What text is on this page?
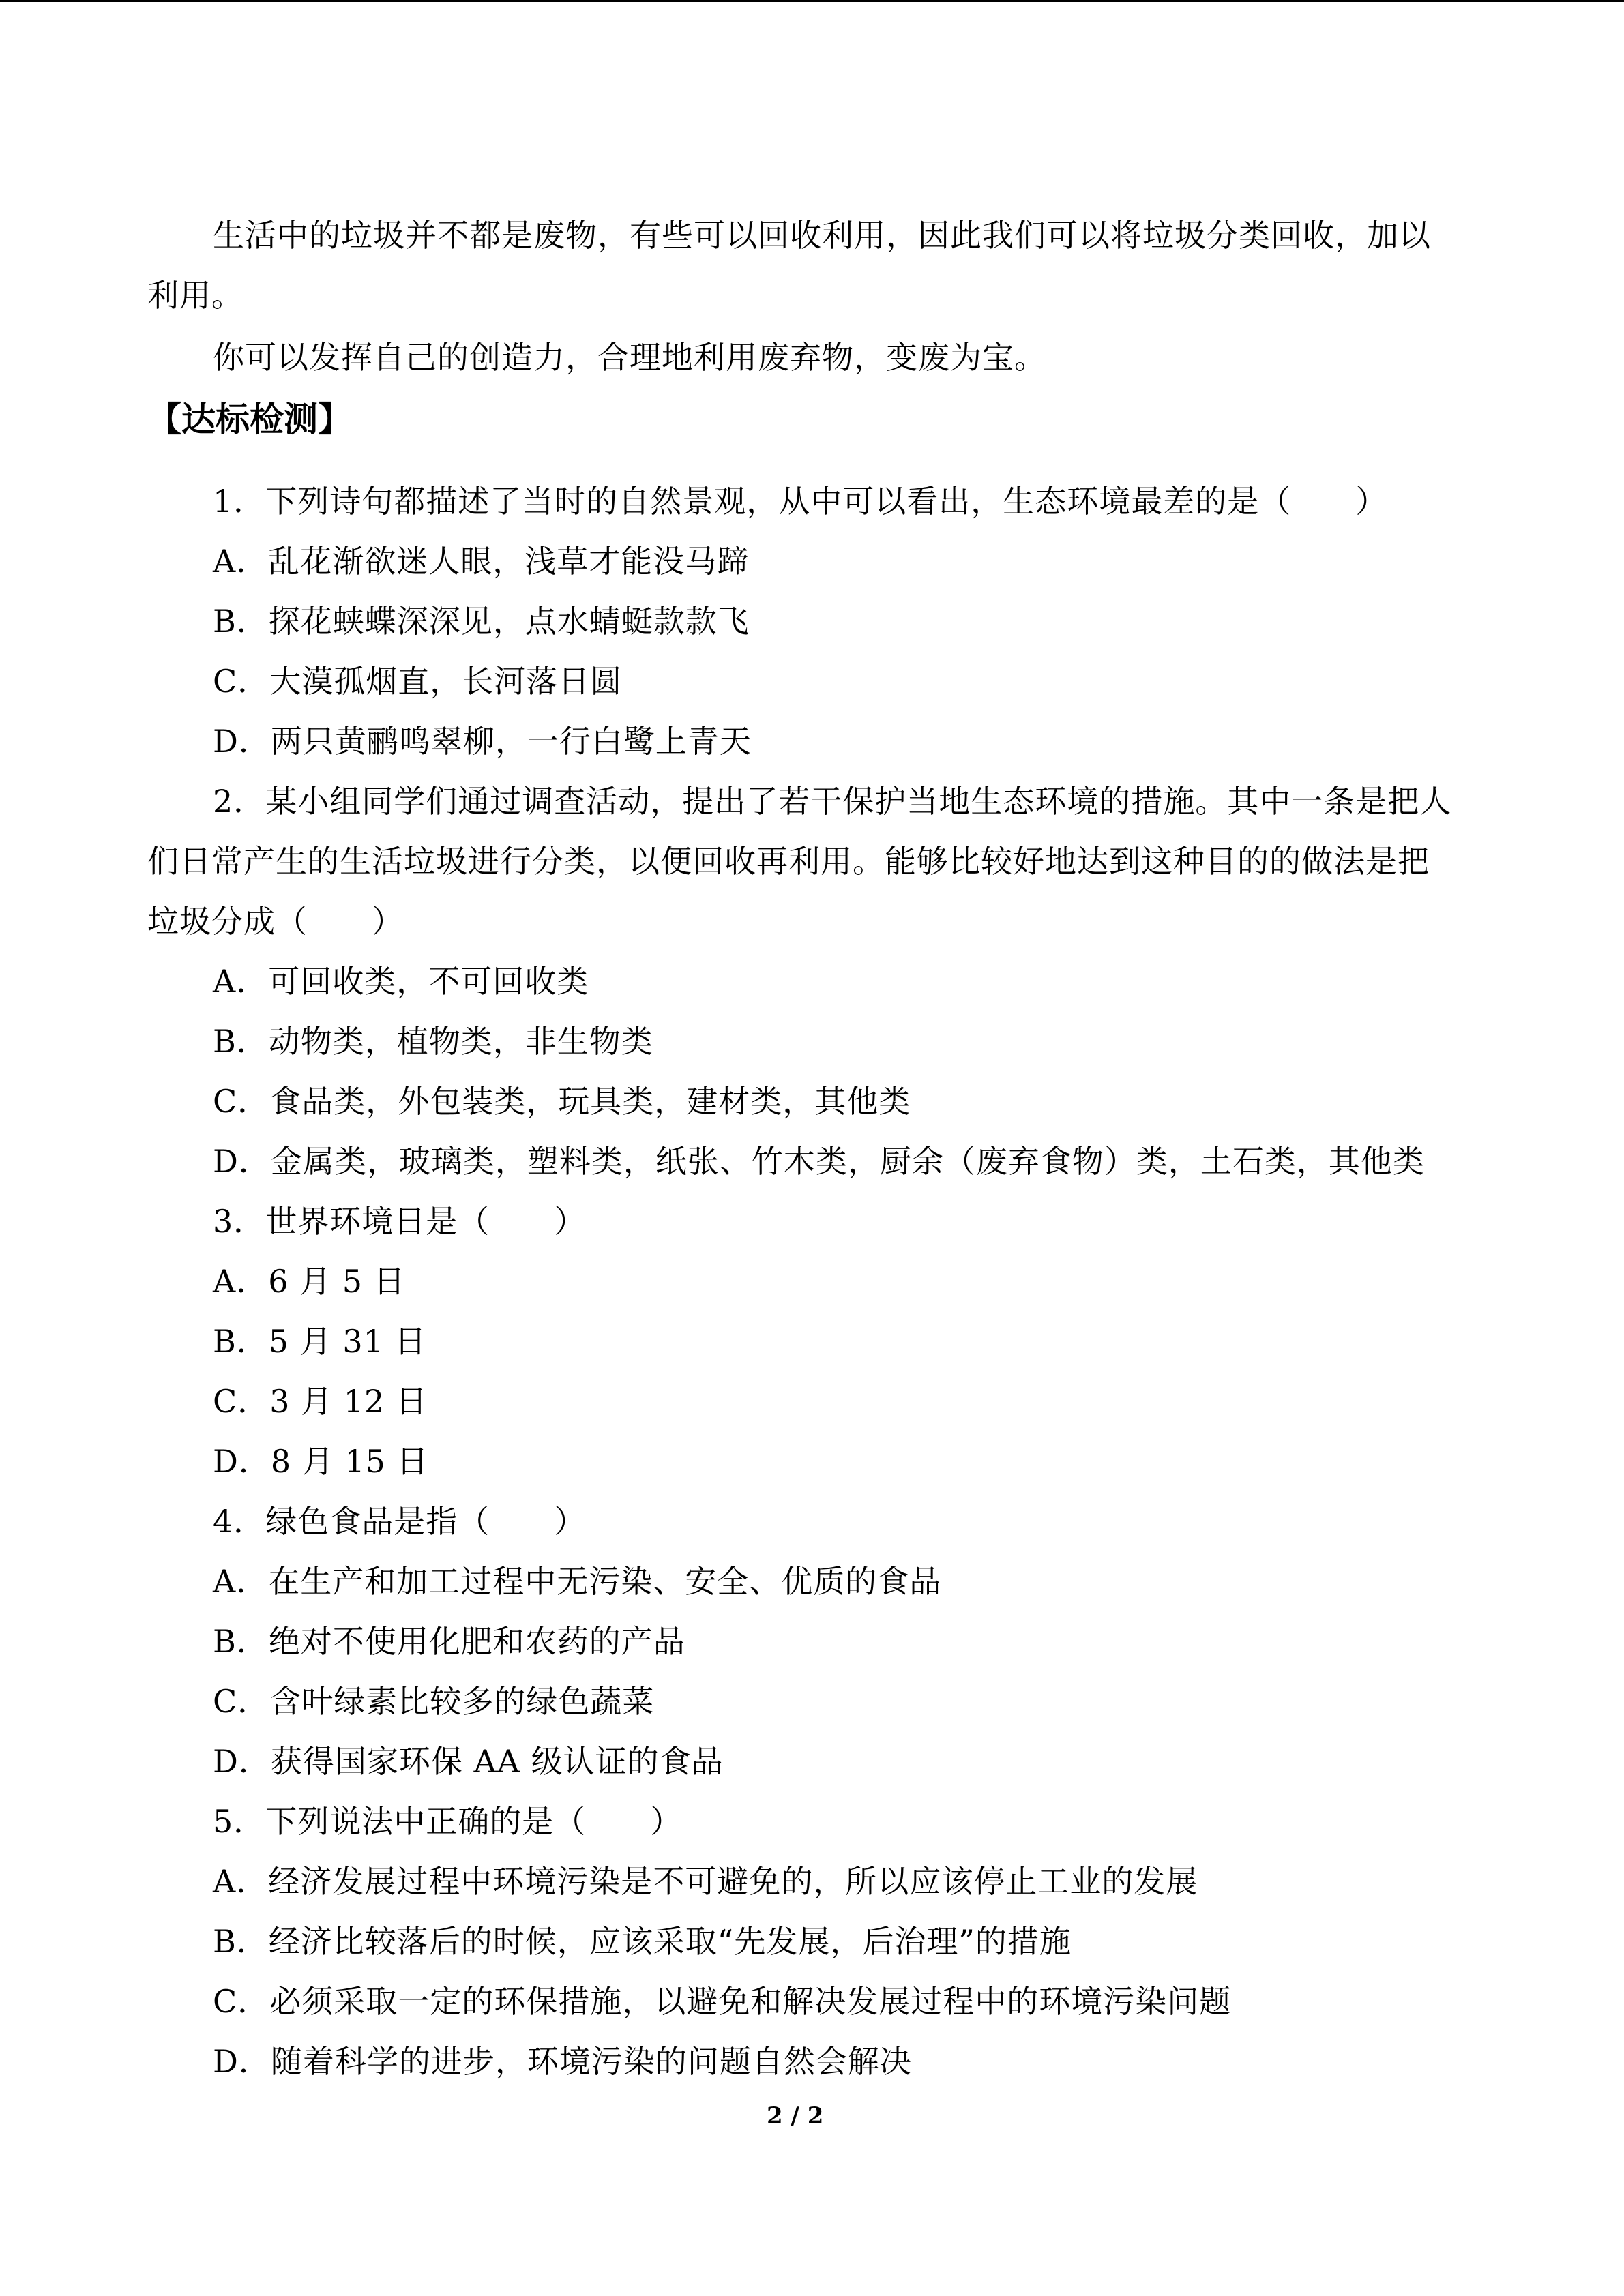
生活中的垃圾并不都是废物，有些可以回收利用，因此我们可以将垃圾分类回收，加以
利用。
你可以发挥自己的创造力，合理地利用废弃物，变废为宝。
【达标检测】
1．下列诗句都描述了当时的自然景观，从中可以看出，生态环境最差的是（　　）
A．乱花渐欲迷人眼，浅草才能没马蹄
B．探花蛱蝶深深见，点水蜻蜓款款飞
C．大漠孤烟直，长河落日圆
D．两只黄鹂鸣翠柳，一行白鹭上青天
2．某小组同学们通过调查活动，提出了若干保护当地生态环境的措施。其中一条是把人
们日常产生的生活垃圾进行分类，以便回收再利用。能够比较好地达到这种目的的做法是把
垃圾分成（　　）
A．可回收类，不可回收类
B．动物类，植物类，非生物类
C．食品类，外包装类，玩具类，建材类，其他类
D．金属类，玻璃类，塑料类，纸张、竹木类，厨余（废弃食物）类，土石类，其他类
3．世界环境日是（　　）
A．6 月 5 日
B．5 月 31 日
C．3 月 12 日
D．8 月 15 日
4．绿色食品是指（　　）
A．在生产和加工过程中无污染、安全、优质的食品
B．绝对不使用化肥和农药的产品
C．含叶绿素比较多的绿色蔬菜
D．获得国家环保 AA 级认证的食品
5．下列说法中正确的是（　　）
A．经济发展过程中环境污染是不可避免的，所以应该停止工业的发展
B．经济比较落后的时候，应该采取“先发展，后治理”的措施
C．必须采取一定的环保措施，以避免和解决发展过程中的环境污染问题
D．随着科学的进步，环境污染的问题自然会解决
2 / 2
